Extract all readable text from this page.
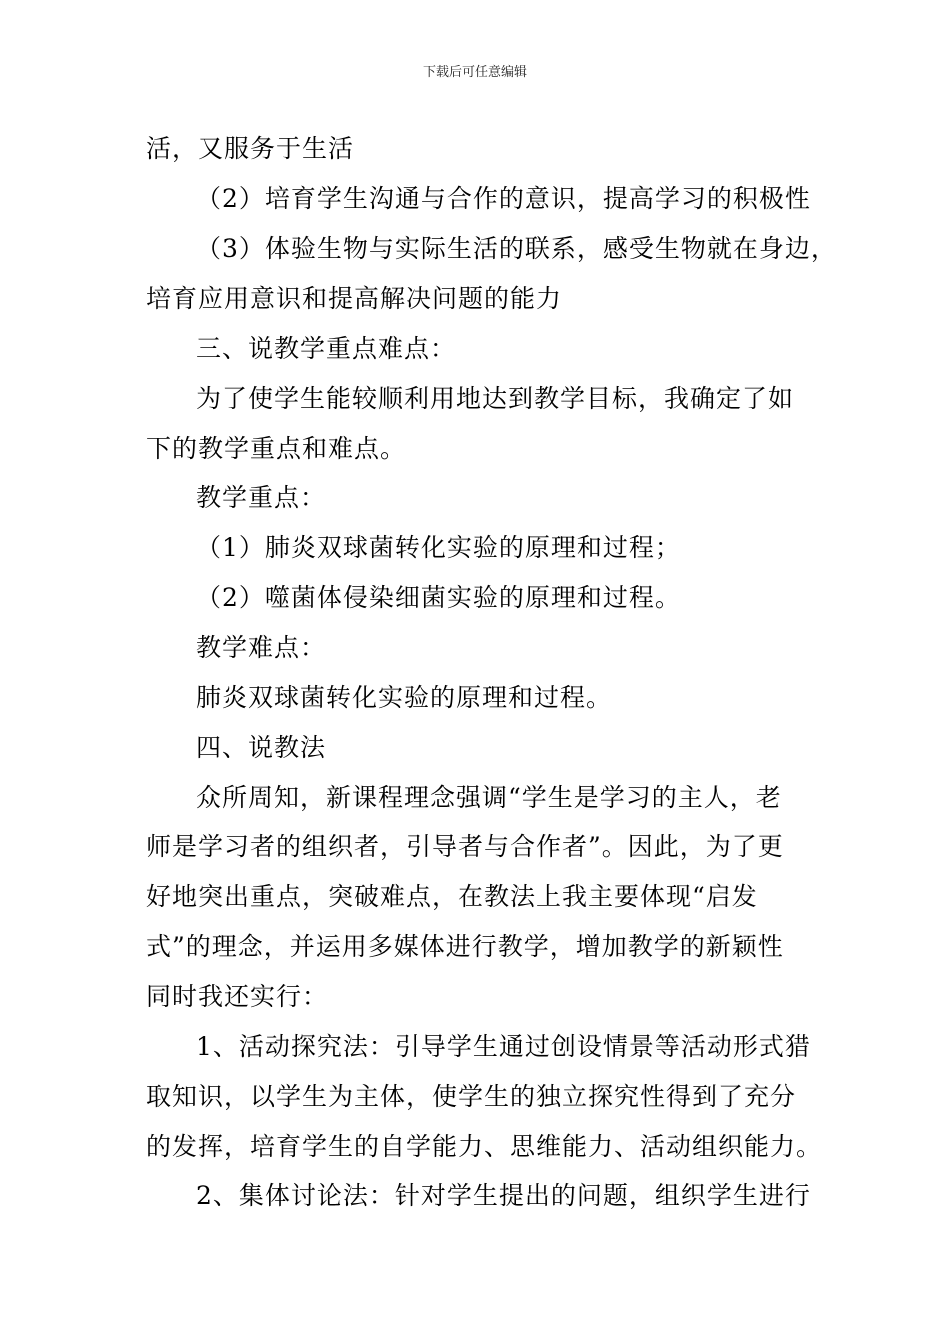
下载后可任意编辑
活，又服务于生活
（2）培育学生沟通与合作的意识，提高学习的积极性
（3）体验生物与实际生活的联系，感受生物就在身边，
培育应用意识和提高解决问题的能力
三、说教学重点难点：
为了使学生能较顺利用地达到教学目标，我确定了如
下的教学重点和难点。
教学重点：
（1）肺炎双球菌转化实验的原理和过程；
（2）噬菌体侵染细菌实验的原理和过程。
教学难点：
肺炎双球菌转化实验的原理和过程。
四、说教法
众所周知，新课程理念强调“学生是学习的主人，老
师是学习者的组织者，引导者与合作者”。因此，为了更
好地突出重点，突破难点，在教法上我主要体现“启发
式”的理念，并运用多媒体进行教学，增加教学的新颖性
同时我还实行：
1、活动探究法：引导学生通过创设情景等活动形式猎
取知识，以学生为主体，使学生的独立探究性得到了充分
的发挥，培育学生的自学能力、思维能力、活动组织能力。
2、集体讨论法：针对学生提出的问题，组织学生进行
